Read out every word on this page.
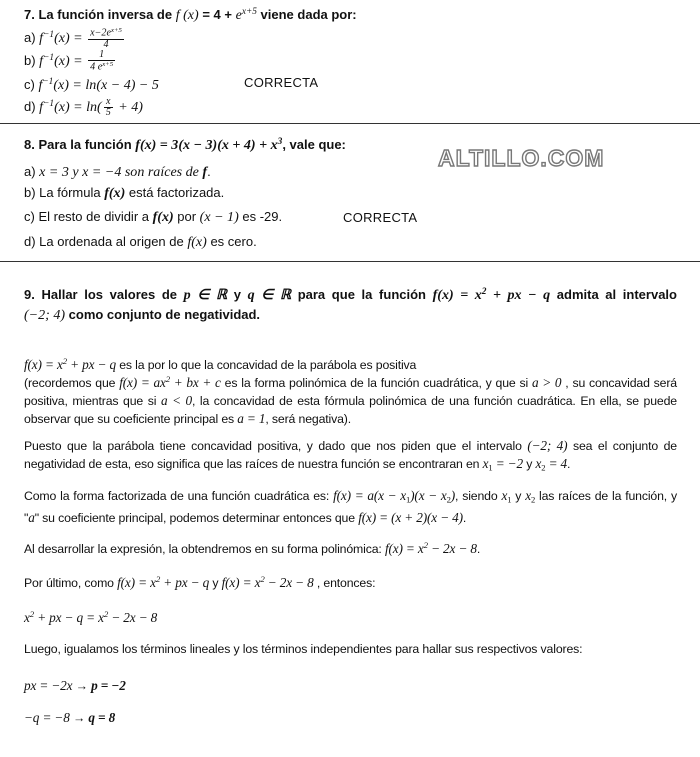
7. La función inversa de f $(x) = 4 + e^{x+5}$ viene dada por:
a) $f^{-1}(x) = \frac{x-2e^{x+5}}{4}$
b) $f^{-1}(x) = \frac{1}{4 e^{x+5}}$
c) $f^{-1}(x) = \ln(x - 4) - 5$	CORRECTA
d) $f^{-1}(x) = \ln( \frac{x}{5} + 4)$
8. Para la función $f(x) = 3(x - 3)(x + 4) + x^3$, vale que:
ALTILLO.COM
a) x = 3 y x = −4 son raíces de f.
b) La fórmula f(x) está factorizada.
c) El resto de dividir a f(x) por (x − 1) es -29.	CORRECTA
d) La ordenada al origen de f(x) es cero.
9. Hallar los valores de p ∈ ℝ y q ∈ ℝ para que la función $f(x) = x^2$ + px − q admita al intervalo
(−2; 4) como conjunto de negatividad.
$f(x) = x^2$ + px − q es la por lo que la concavidad de la parábola es positiva
(recordemos que $f(x) = ax^2$ + bx + c es la forma polinómica de la función cuadrática, y que si a > 0 , su concavidad será positiva, mientras que si a < 0, la concavidad de esta fórmula polinómica de una función cuadrática. En ella, se puede observar que su coeficiente principal es a = 1, será negativa).
Puesto que la parábola tiene concavidad positiva, y dado que nos piden que el intervalo (−2; 4) sea el conjunto de negatividad de esta, eso significa que las raíces de nuestra función se encontraran en $x_1 = -2$ y $x_2 = 4$.
Como la forma factorizada de una función cuadrática es: $f(x) = a(x - x_1)(x - x_2)$, siendo $x_1$ y $x_2$ las raíces de la función, y "a" su coeficiente principal, podemos determinar entonces que f(x) = (x + 2)(x − 4).
Al desarrollar la expresión, la obtendremos en su forma polinómica: $f(x) = x^2 - 2x - 8$.
Por último, como $f(x) = x^2$ + px − q y $f(x) = x^2 - 2x - 8$ , entonces:
$x^2$ + px − $q = x^2 - 2x - 8$
Luego, igualamos los términos lineales y los términos independientes para hallar sus respectivos valores:
px = −2x → p = −2
−q = −8 → q = 8
